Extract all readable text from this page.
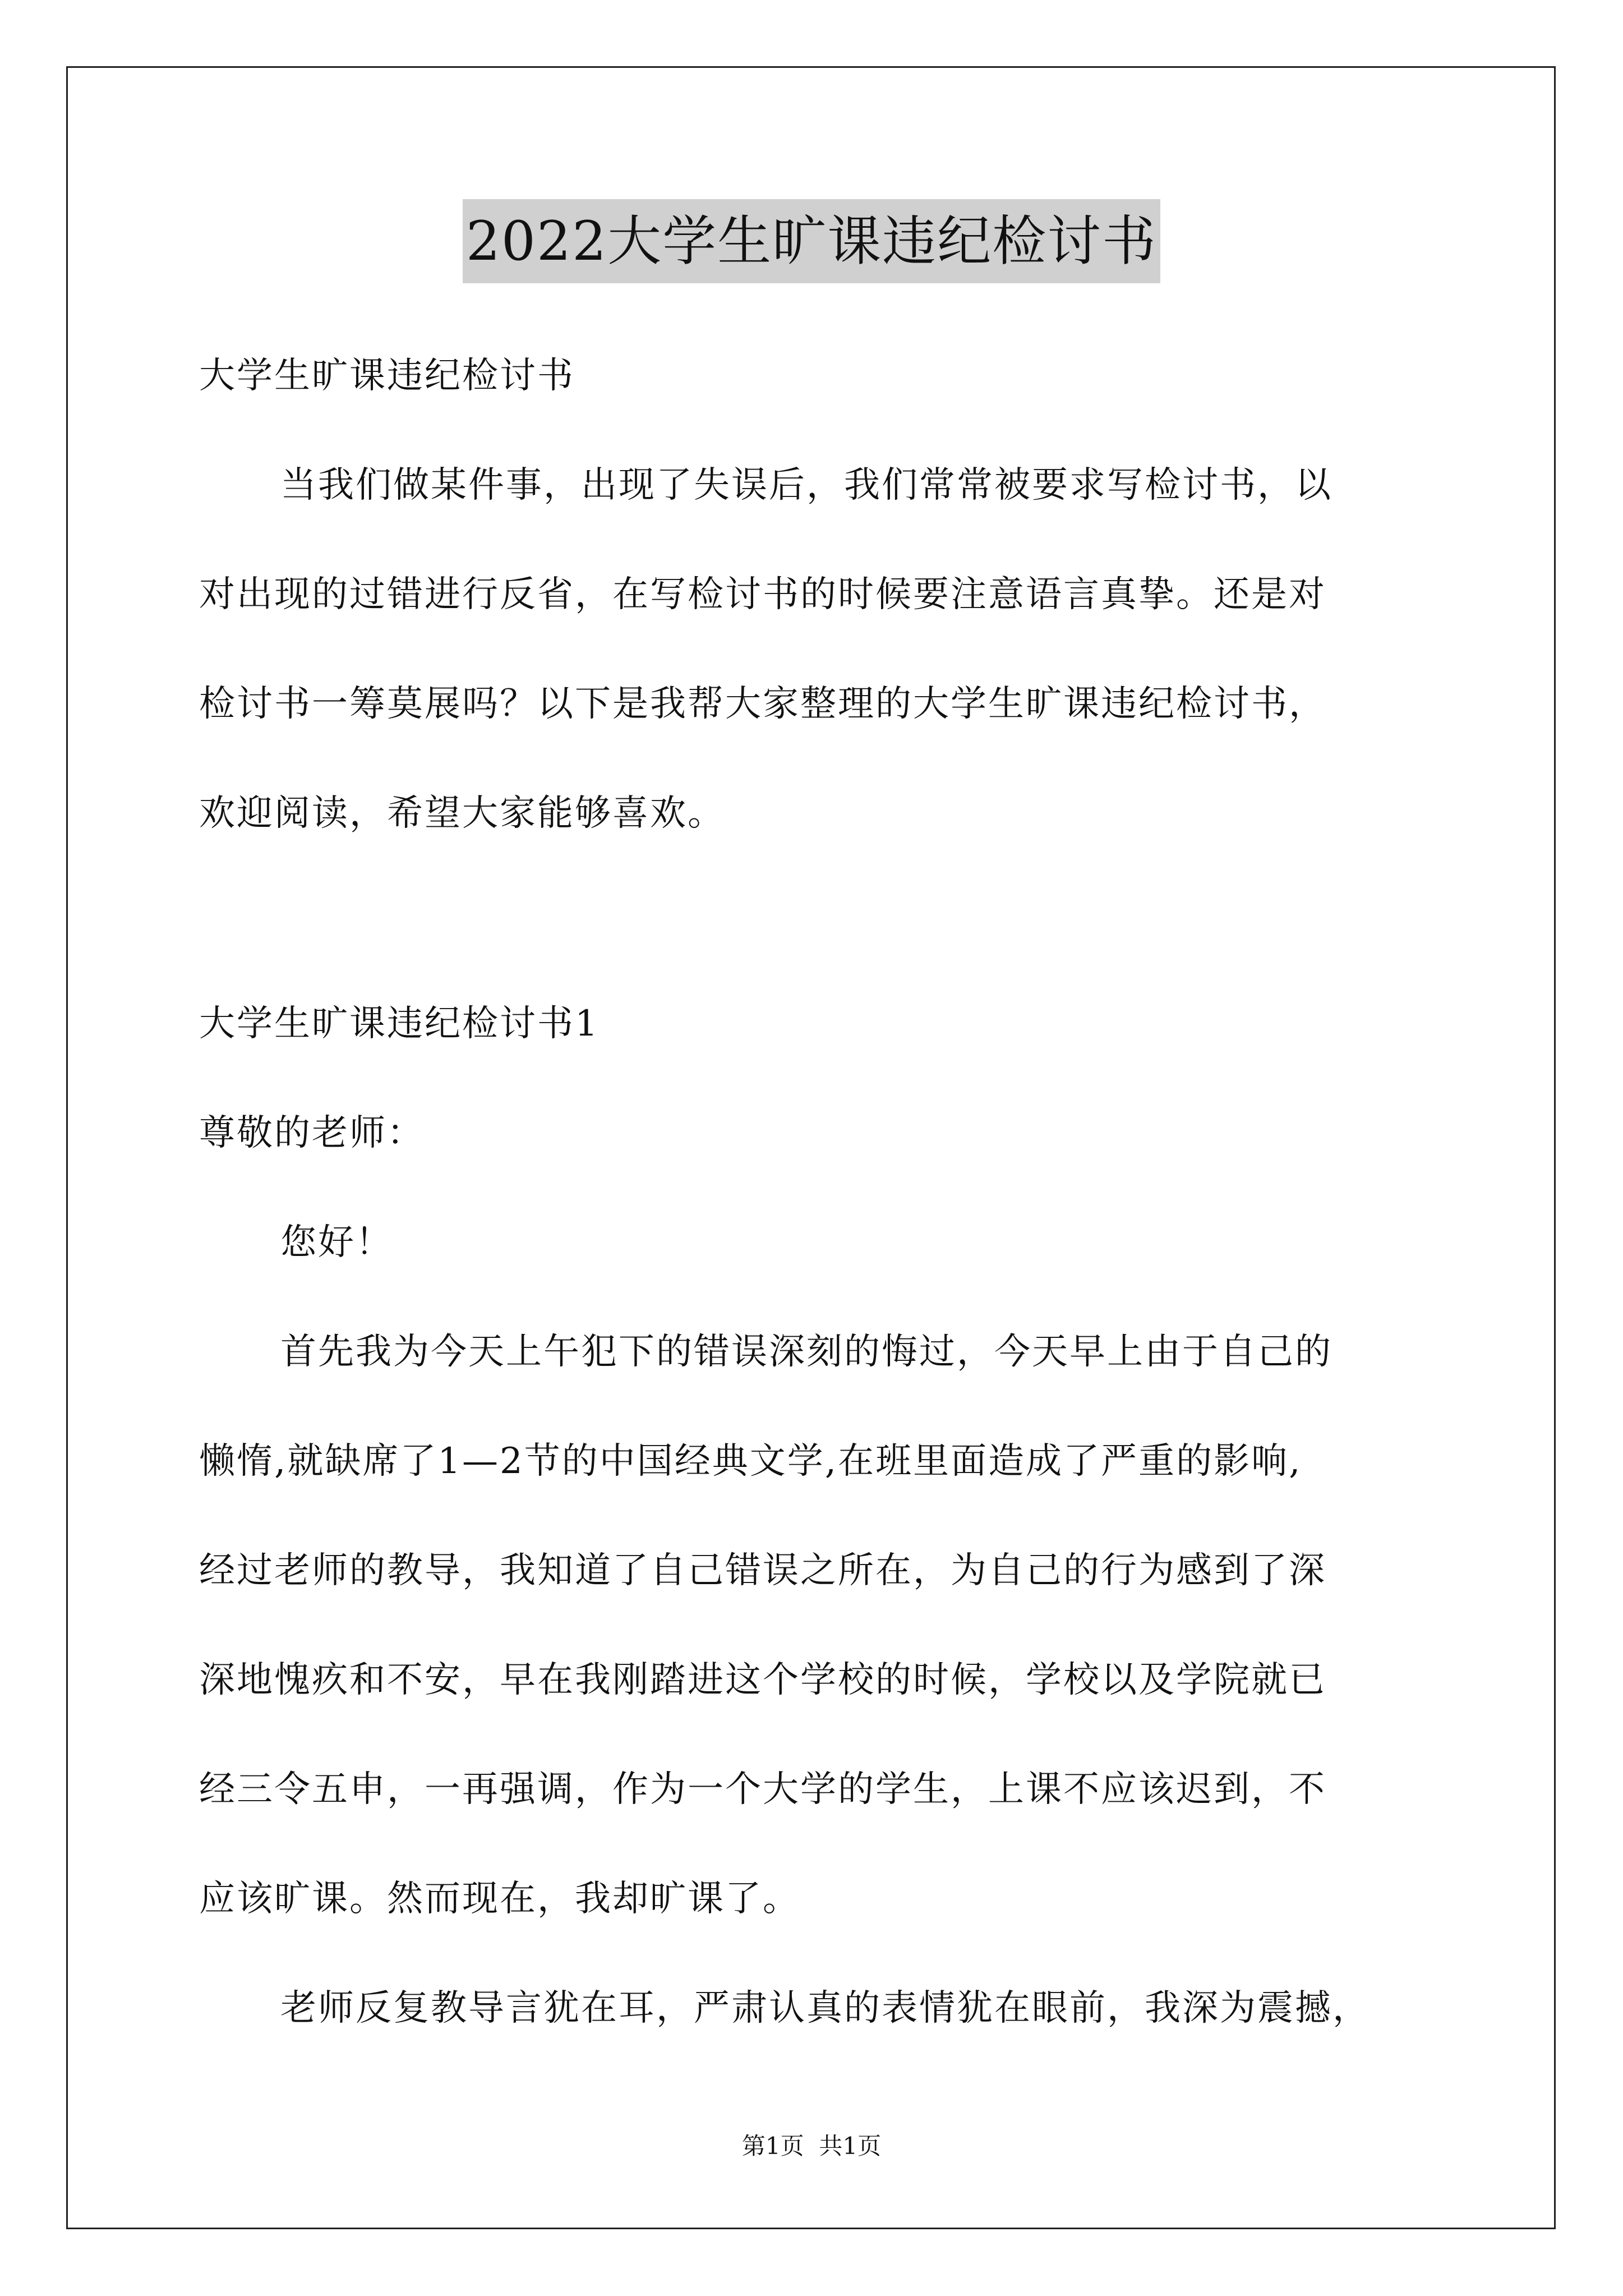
2022大学生旷课违纪检讨书
大学生旷课违纪检讨书
当我们做某件事，出现了失误后，我们常常被要求写检讨书，以
对出现的过错进行反省，在写检讨书的时候要注意语言真挚。还是对
检讨书一筹莫展吗？以下是我帮大家整理的大学生旷课违纪检讨书，
欢迎阅读，希望大家能够喜欢。
大学生旷课违纪检讨书1
尊敬的老师：
您好！
首先我为今天上午犯下的错误深刻的悔过，今天早上由于自己的
懒惰,就缺席了1—2节的中国经典文学,在班里面造成了严重的影响,
经过老师的教导，我知道了自己错误之所在，为自己的行为感到了深
深地愧疚和不安，早在我刚踏进这个学校的时候，学校以及学院就已
经三令五申，一再强调，作为一个大学的学生，上课不应该迟到，不
应该旷课。然而现在，我却旷课了。
老师反复教导言犹在耳，严肃认真的表情犹在眼前，我深为震撼，
第1页  共1页
